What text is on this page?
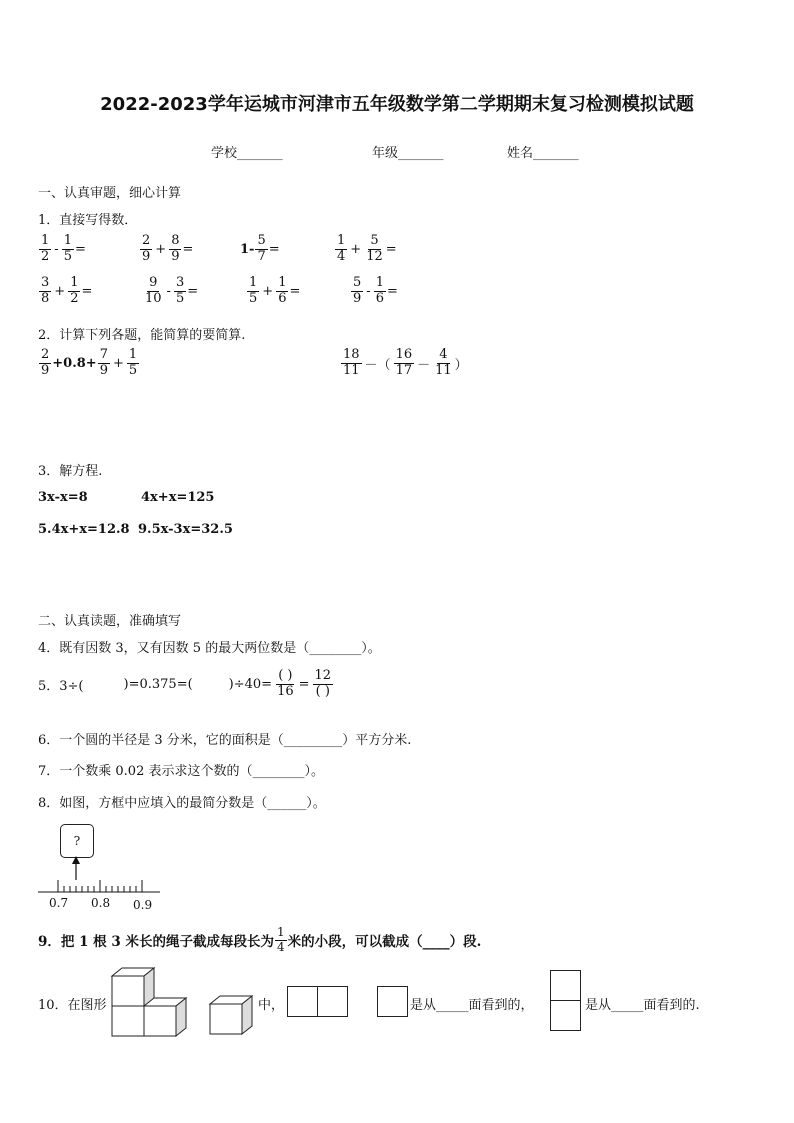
2022-2023学年运城市河津市五年级数学第二学期期末复习检测模拟试题
学校_______	年级_______	姓名_______
一、认真审题，细心计算
1．直接写得数．
$\frac{1}{2} - \frac{1}{5}$ =	$\frac{2}{9} + \frac{8}{9}$ =	$1- \frac{5}{7}$ =	$\frac{1}{4} + \frac{5}{12}$ =
$\frac{3}{8} + \frac{1}{2}$ =	$\frac{9}{10} - \frac{3}{5}$ =	$\frac{1}{5} + \frac{1}{6}$ =	$\frac{5}{9} - \frac{1}{6}$ =
2．计算下列各题，能简算的要简算.
$\frac{2}{9} +0.8+ \frac{7}{9} + \frac{1}{5}$	$\frac{18}{11}$ －（ $\frac{16}{17} - \frac{4}{11}$ ）
3．解方程.
3x-x=8	4x+x=125
5.4x+x=12.8 9.5x-3x=32.5
二、认真读题，准确填写
4．既有因数 3，又有因数 5 的最大两位数是（________）。
5．3÷(	)=0.375=(	)$\div 40= \frac{( )}{16} = \frac{12}{( )}$
6．一个圆的半径是 3 分米，它的面积是（_________）平方分米.
7．一个数乘 0.02 表示求这个数的（________）。
8．如图，方框中应填入的最简分数是（______）。
?
0.7 0.8 0.9
9．把 1 根 3 米长的绳子截成每段长为 $\frac{1}{4}$ 米的小段，可以截成（____）段.
10．在图形	中，	是从_____面看到的，	是从_____面看到的.
